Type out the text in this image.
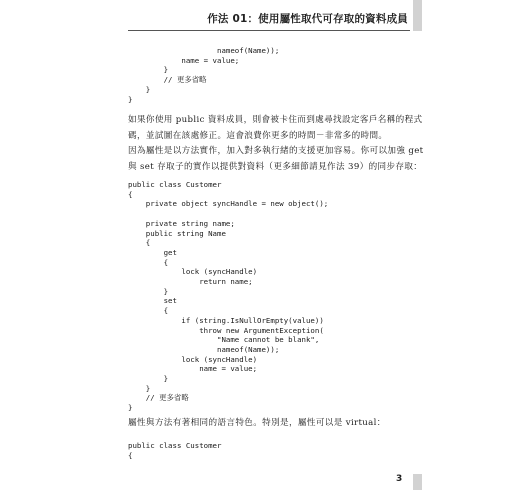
作法 01：使用屬性取代可存取的資料成員
nameof(Name));
name = value;
}
// 更多省略
}
}

如果你使用 public 資料成員，則會被卡住而到處尋找設定客戶名稱的程式
碼，並試圖在該處修正。這會浪費你更多的時間－非常多的時間。

因為屬性是以方法實作，加入對多執行緒的支援更加容易。你可以加強 get
與 set 存取子的實作以提供對資料（更多細節請見作法 39）的同步存取：

public class Customer
{
private object syncHandle = new object();

private string name;
public string Name
{
get
{
lock (syncHandle)
return name;
}
set
{
if (string.IsNullOrEmpty(value))
throw new ArgumentException(
"Name cannot be blank",
nameof(Name));
lock (syncHandle)
name = value;
}
}
// 更多省略
}

屬性與方法有著相同的語言特色。特別是，屬性可以是 virtual：

public class Customer
{
3
